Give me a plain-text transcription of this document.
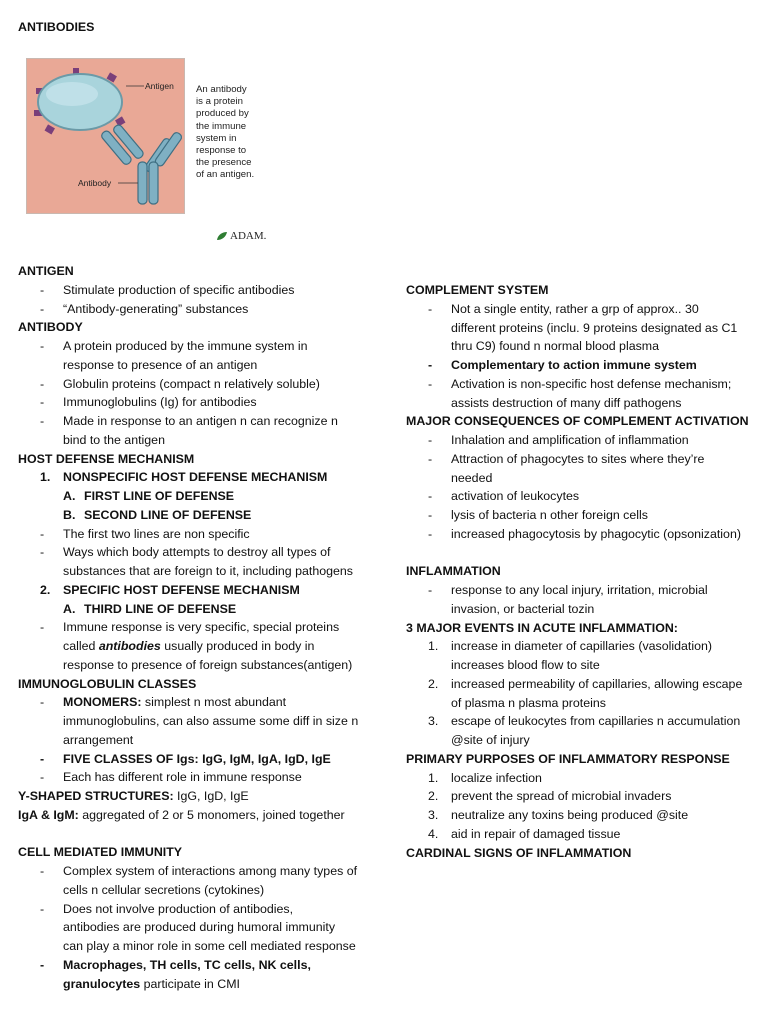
ANTIBODIES
Antigen
Antibody
An antibody
is a protein
produced by
the immune
system in
response to
the presence
of an antigen.
ADAM.
ANTIGEN
- Stimulate production of specific antibodies
- “Antibody-generating” substances
ANTIBODY
- A protein produced by the immune system in
response to presence of an antigen
- Globulin proteins (compact n relatively soluble)
- Immunoglobulins (Ig) for antibodies
- Made in response to an antigen n can recognize n
bind to the antigen
HOST DEFENSE MECHANISM
1. NONSPECIFIC HOST DEFENSE MECHANISM
A. FIRST LINE OF DEFENSE
B. SECOND LINE OF DEFENSE
- The first two lines are non specific
- Ways which body attempts to destroy all types of
substances that are foreign to it, including pathogens
2. SPECIFIC HOST DEFENSE MECHANISM
A. THIRD LINE OF DEFENSE
- Immune response is very specific, special proteins
called antibodies usually produced in body in
response to presence of foreign substances(antigen)
IMMUNOGLOBULIN CLASSES
- MONOMERS: simplest n most abundant
immunoglobulins, can also assume some diff in size n
arrangement
- FIVE CLASSES OF Igs: IgG, IgM, IgA, IgD, IgE
- Each has different role in immune response
Y-SHAPED STRUCTURES: IgG, IgD, IgE
IgA & IgM: aggregated of 2 or 5 monomers, joined together
CELL MEDIATED IMMUNITY
- Complex system of interactions among many types of
cells n cellular secretions (cytokines)
- Does not involve production of antibodies,
antibodies are produced during humoral immunity
can play a minor role in some cell mediated response
- Macrophages, TH cells, TC cells, NK cells,
granulocytes participate in CMI
COMPLEMENT SYSTEM
- Not a single entity, rather a grp of approx.. 30
different proteins (inclu. 9 proteins designated as C1
thru C9) found n normal blood plasma
- Complementary to action immune system
- Activation is non-specific host defense mechanism;
assists destruction of many diff pathogens
MAJOR CONSEQUENCES OF COMPLEMENT ACTIVATION
- Inhalation and amplification of inflammation
- Attraction of phagocytes to sites where they’re
needed
- activation of leukocytes
- lysis of bacteria n other foreign cells
- increased phagocytosis by phagocytic (opsonization)
INFLAMMATION
- response to any local injury, irritation, microbial
invasion, or bacterial tozin
3 MAJOR EVENTS IN ACUTE INFLAMMATION:
1. increase in diameter of capillaries (vasolidation)
increases blood flow to site
2. increased permeability of capillaries, allowing escape
of plasma n plasma proteins
3. escape of leukocytes from capillaries n accumulation
@site of injury
PRIMARY PURPOSES OF INFLAMMATORY RESPONSE
1. localize infection
2. prevent the spread of microbial invaders
3. neutralize any toxins being produced @site
4. aid in repair of damaged tissue
CARDINAL SIGNS OF INFLAMMATION
